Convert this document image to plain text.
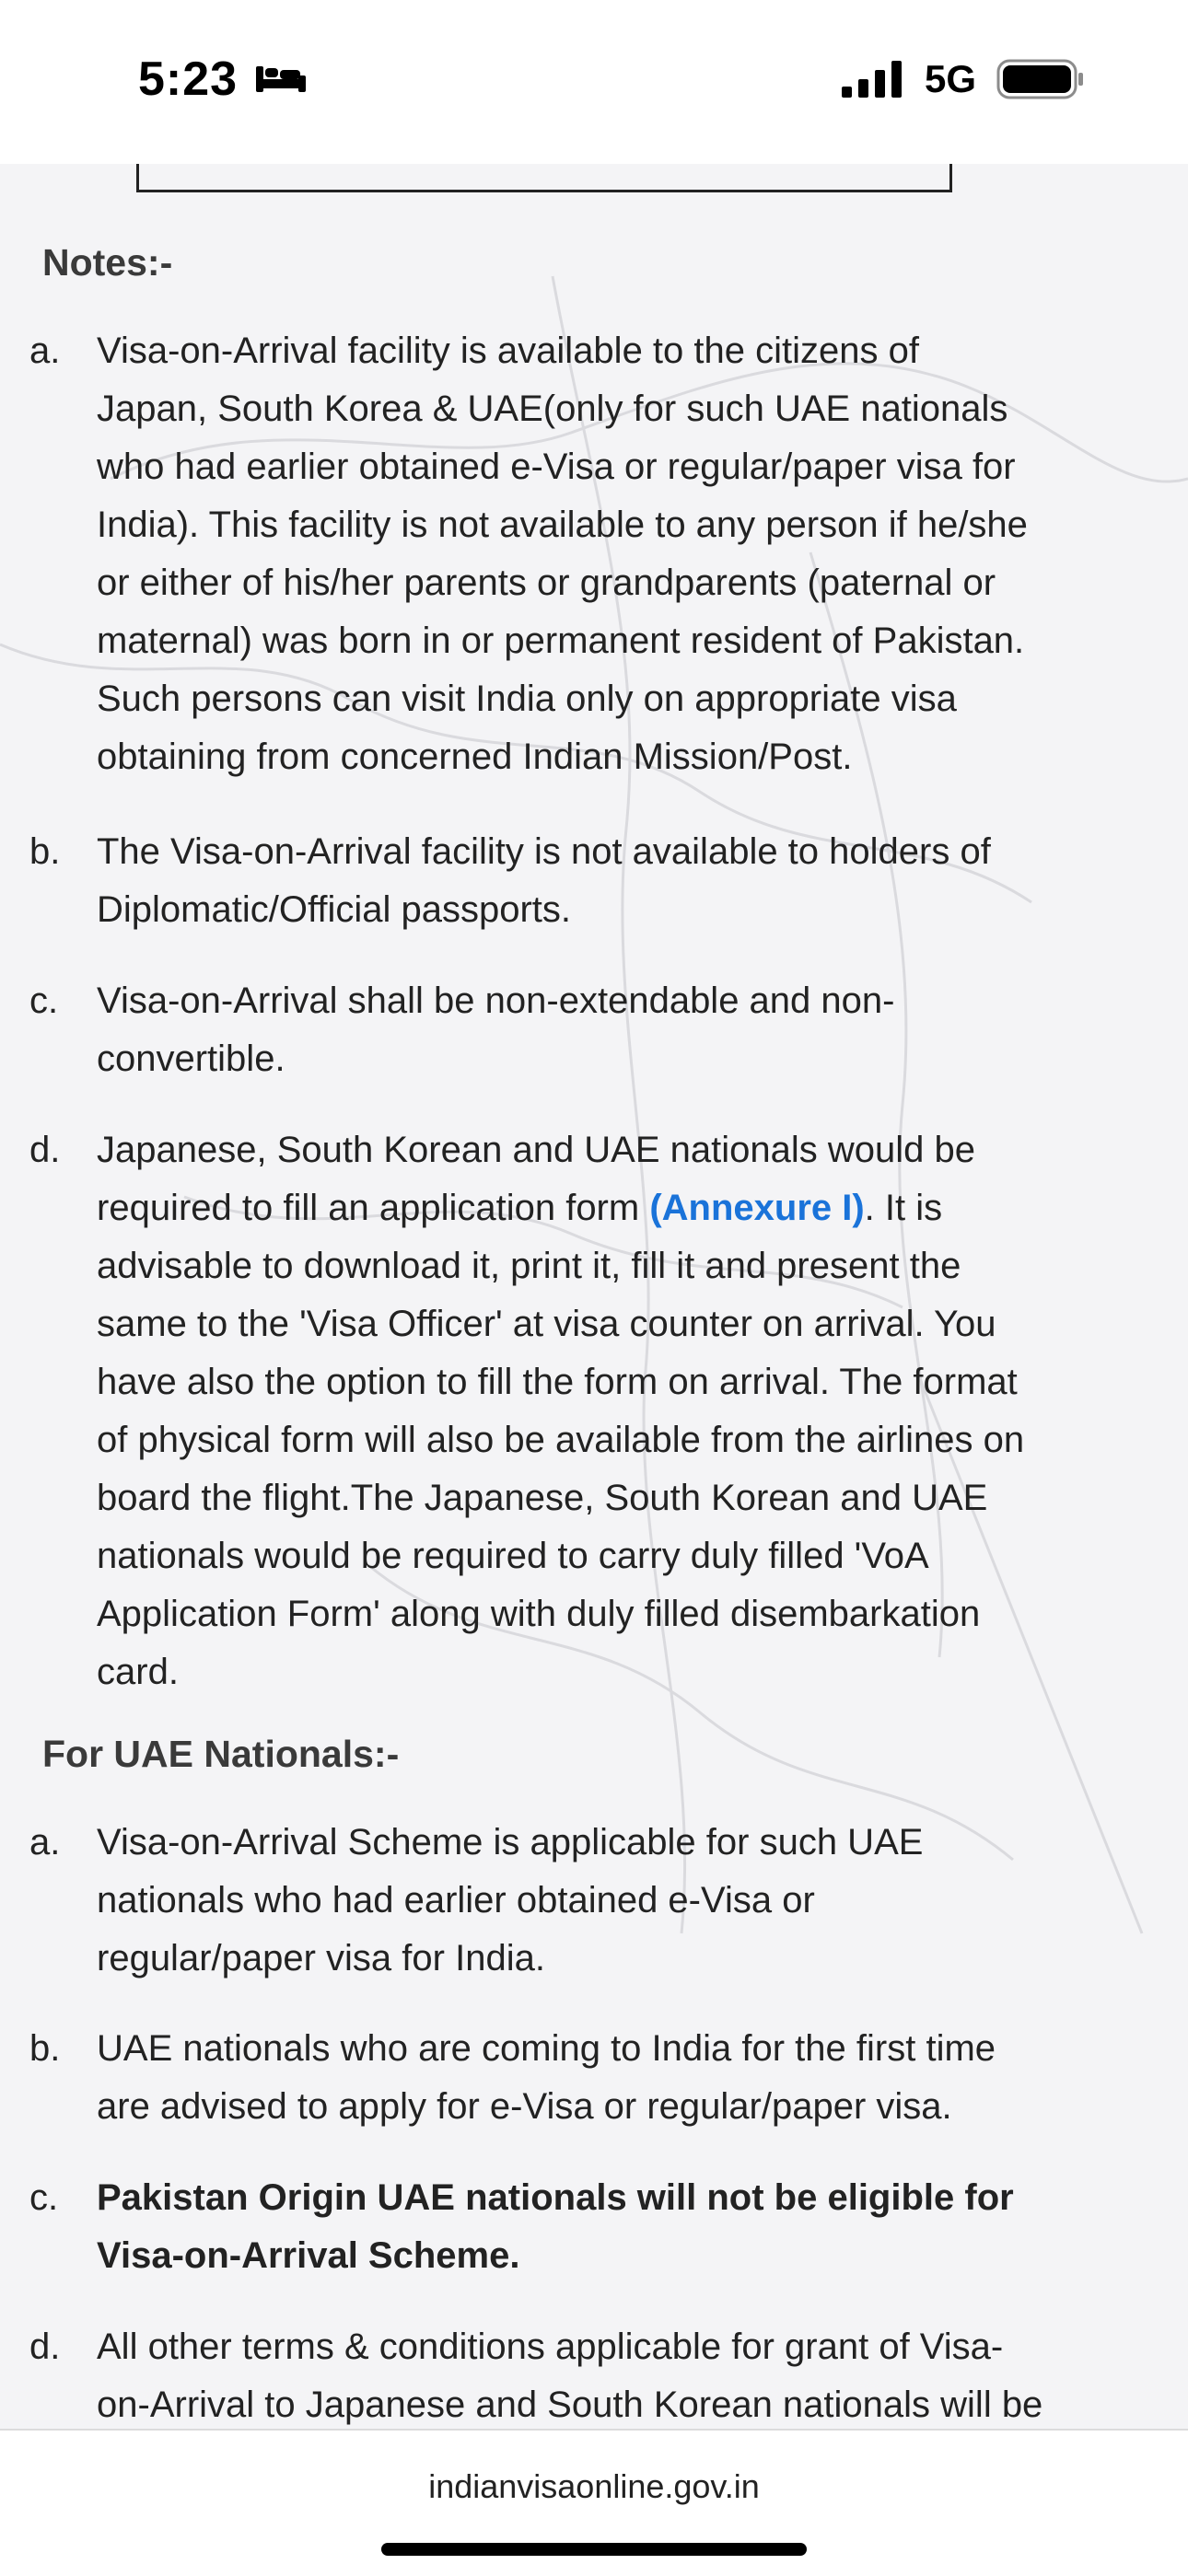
5:23	5G
Notes:-
a. Visa-on-Arrival facility is available to the citizens of
Japan, South Korea & UAE(only for such UAE nationals
who had earlier obtained e-Visa or regular/paper visa for
India). This facility is not available to any person if he/she
or either of his/her parents or grandparents (paternal or
maternal) was born in or permanent resident of Pakistan.
Such persons can visit India only on appropriate visa
obtaining from concerned Indian Mission/Post.
b. The Visa-on-Arrival facility is not available to holders of
Diplomatic/Official passports.
c. Visa-on-Arrival shall be non-extendable and non-
convertible.
d. Japanese, South Korean and UAE nationals would be
required to fill an application form (Annexure I). It is
advisable to download it, print it, fill it and present the
same to the 'Visa Officer' at visa counter on arrival. You
have also the option to fill the form on arrival. The format
of physical form will also be available from the airlines on
board the flight.The Japanese, South Korean and UAE
nationals would be required to carry duly filled 'VoA
Application Form' along with duly filled disembarkation
card.
For UAE Nationals:-
a. Visa-on-Arrival Scheme is applicable for such UAE
nationals who had earlier obtained e-Visa or
regular/paper visa for India.
b. UAE nationals who are coming to India for the first time
are advised to apply for e-Visa or regular/paper visa.
c. Pakistan Origin UAE nationals will not be eligible for
Visa-on-Arrival Scheme.
d. All other terms & conditions applicable for grant of Visa-
on-Arrival to Japanese and South Korean nationals will be
indianvisaonline.gov.in
